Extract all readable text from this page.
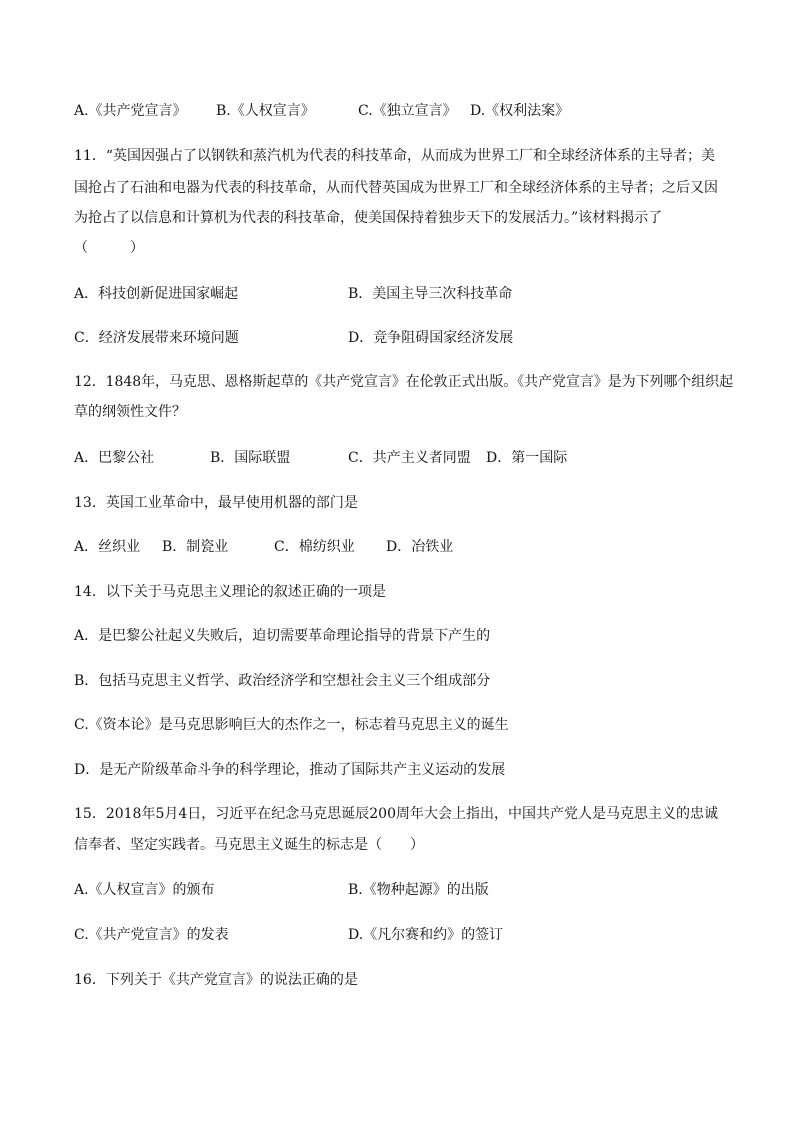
A.《共产党宣言》 B.《人权宣言》	C.《独立宣言》 D.《权利法案》
11．“英国因强占了以钢铁和蒸汽机为代表的科技革命，从而成为世界工厂和全球经济体系的主导者；美
国抢占了石油和电器为代表的科技革命，从而代替英国成为世界工厂和全球经济体系的主导者；之后又因
为抢占了以信息和计算机为代表的科技革命，使美国保持着独步天下的发展活力。”该材料揭示了
（　　　）
A．科技创新促进国家崛起	B．美国主导三次科技革命
C．经济发展带来环境问题	D．竞争阻碍国家经济发展
12．1848年，马克思、恩格斯起草的《共产党宣言》在伦敦正式出版。《共产党宣言》是为下列哪个组织起
草的纲领性文件？
A．巴黎公社	B．国际联盟	C．共产主义者同盟 D．第一国际
13．英国工业革命中，最早使用机器的部门是
A．丝织业 B．制瓷业	C．棉纺织业 D．冶铁业
14．以下关于马克思主义理论的叙述正确的一项是
A．是巴黎公社起义失败后，迫切需要革命理论指导的背景下产生的
B．包括马克思主义哲学、政治经济学和空想社会主义三个组成部分
C.《资本论》是马克思影响巨大的杰作之一，标志着马克思主义的诞生
D．是无产阶级革命斗争的科学理论，推动了国际共产主义运动的发展
15．2018年5月4日，习近平在纪念马克思诞辰200周年大会上指出，中国共产党人是马克思主义的忠诚
信奉者、坚定实践者。马克思主义诞生的标志是（　　）
A.《人权宣言》的颁布	B.《物种起源》的出版
C.《共产党宣言》的发表	D.《凡尔赛和约》的签订
16．下列关于《共产党宣言》的说法正确的是
